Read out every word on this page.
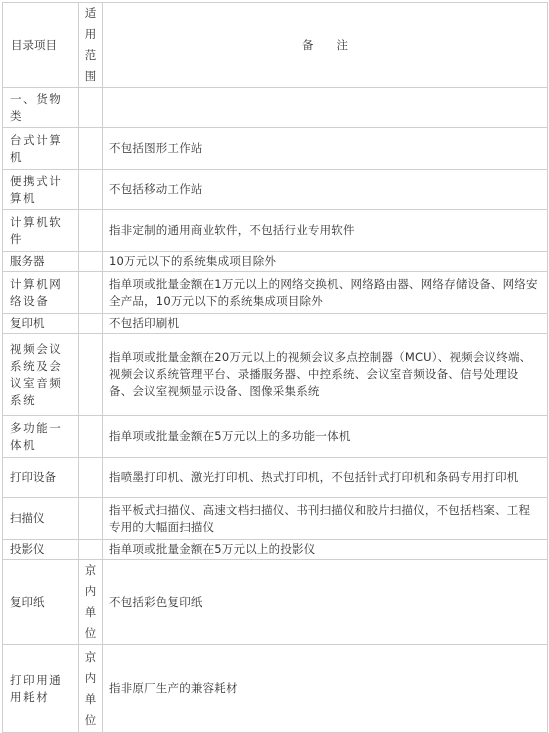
目录项目	适用范围	备　　注
一、货物类		
台式计算机		不包括图形工作站
便携式计算机		不包括移动工作站
计算机软件		指非定制的通用商业软件，不包括行业专用软件
服务器		10万元以下的系统集成项目除外
计算机网络设备		指单项或批量金额在1万元以上的网络交换机、网络路由器、网络存储设备、网络安全产品，10万元以下的系统集成项目除外
复印机		不包括印刷机
视频会议系统及会议室音频系统		指单项或批量金额在20万元以上的视频会议多点控制器（MCU）、视频会议终端、视频会议系统管理平台、录播服务器、中控系统、会议室音频设备、信号处理设备、会议室视频显示设备、图像采集系统
多功能一体机		指单项或批量金额在5万元以上的多功能一体机
打印设备		指喷墨打印机、激光打印机、热式打印机，不包括针式打印机和条码专用打印机
扫描仪		指平板式扫描仪、高速文档扫描仪、书刊扫描仪和胶片扫描仪，不包括档案、工程专用的大幅面扫描仪
投影仪		指单项或批量金额在5万元以上的投影仪
复印纸	京内单位	不包括彩色复印纸
打印用通用耗材	京内单位	指非原厂生产的兼容耗材
